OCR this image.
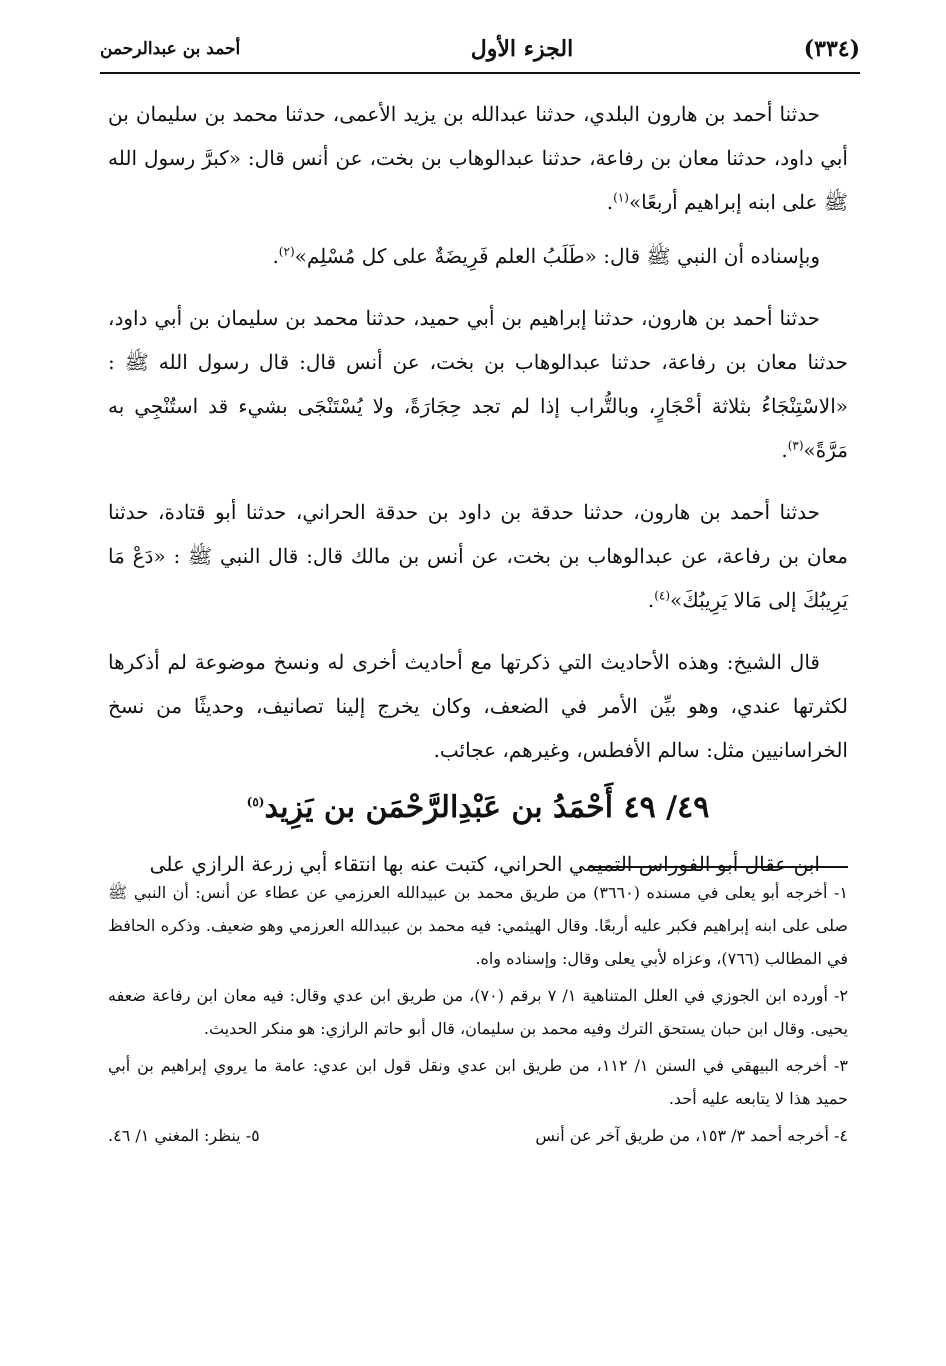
(٣٣٤)
الجزء الأول
أحمد بن عبدالرحمن

حدثنا أحمد بن هارون البلدي، حدثنا عبدالله بن يزيد الأعمى، حدثنا محمد بن سليمان بن أبي داود، حدثنا معان بن رفاعة، حدثنا عبدالوهاب بن بخت، عن أنس قال: «كبرَّ رسول الله ﷺ على ابنه إبراهيم أربعًا»$^{(١)}$.

وبإسناده أن النبي ﷺ قال: «طَلَبُ العلم فَرِيضَةٌ على كل مُسْلِم»$^{(٢)}$.

حدثنا أحمد بن هارون، حدثنا إبراهيم بن أبي حميد، حدثنا محمد بن سليمان بن أبي داود، حدثنا معان بن رفاعة، حدثنا عبدالوهاب بن بخت، عن أنس قال: قال رسول الله ﷺ : «الاسْتِنْجَاءُ بثلاثة أحْجَارٍ، وبالتُّراب إذا لم تجد حِجَارَةً، ولا يُسْتَنْجَى بشيء قد استُنْجِي به مَرَّةً»$^{(٣)}$.

حدثنا أحمد بن هارون، حدثنا حدقة بن داود بن حدقة الحراني، حدثنا أبو قتادة، حدثنا معان بن رفاعة، عن عبدالوهاب بن بخت، عن أنس بن مالك قال: قال النبي ﷺ : «دَعْ مَا يَرِيبُكَ إلى مَالا يَرِيبُكَ»$^{(٤)}$.

قال الشيخ: وهذه الأحاديث التي ذكرتها مع أحاديث أخرى له ونسخ موضوعة لم أذكرها لكثرتها عندي، وهو بيِّن الأمر في الضعف، وكان يخرج إلينا تصانيف، وحديثًا من نسخ الخراسانيين مثل: سالم الأفطس، وغيرهم، عجائب.

٤٩/ ٤٩ أَحْمَدُ بن عَبْدِالرَّحْمَن بن يَزِيد$^{(٥)}$

ابن عقال أبو الفوراس التميمي الحراني، كتبت عنه بها انتقاء أبي زرعة الرازي على

١- أخرجه أبو يعلى في مسنده (٣٦٦٠) من طريق محمد بن عبيدالله العرزمي عن عطاء عن أنس: أن النبي ﷺ صلى على ابنه إبراهيم فكبر عليه أربعًا. وقال الهيثمي: فيه محمد بن عبيدالله العرزمي وهو ضعيف. وذكره الحافظ في المطالب (٧٦٦)، وعزاه لأبي يعلى وقال: وإسناده واه.
٢- أورده ابن الجوزي في العلل المتناهية ١/ ٧ برقم (٧٠)، من طريق ابن عدي وقال: فيه معان ابن رفاعة ضعفه يحيى. وقال ابن حبان يستحق الترك وفيه محمد بن سليمان، قال أبو حاتم الرازي: هو منكر الحديث.
٣- أخرجه البيهقي في السنن ١/ ١١٢، من طريق ابن عدي ونقل قول ابن عدي: عامة ما يروي إبراهيم بن أبي حميد هذا لا يتابعه عليه أحد.
٤- أخرجه أحمد ٣/ ١٥٣، من طريق آخر عن أنس
٥- ينظر: المغني ١/ ٤٦.
